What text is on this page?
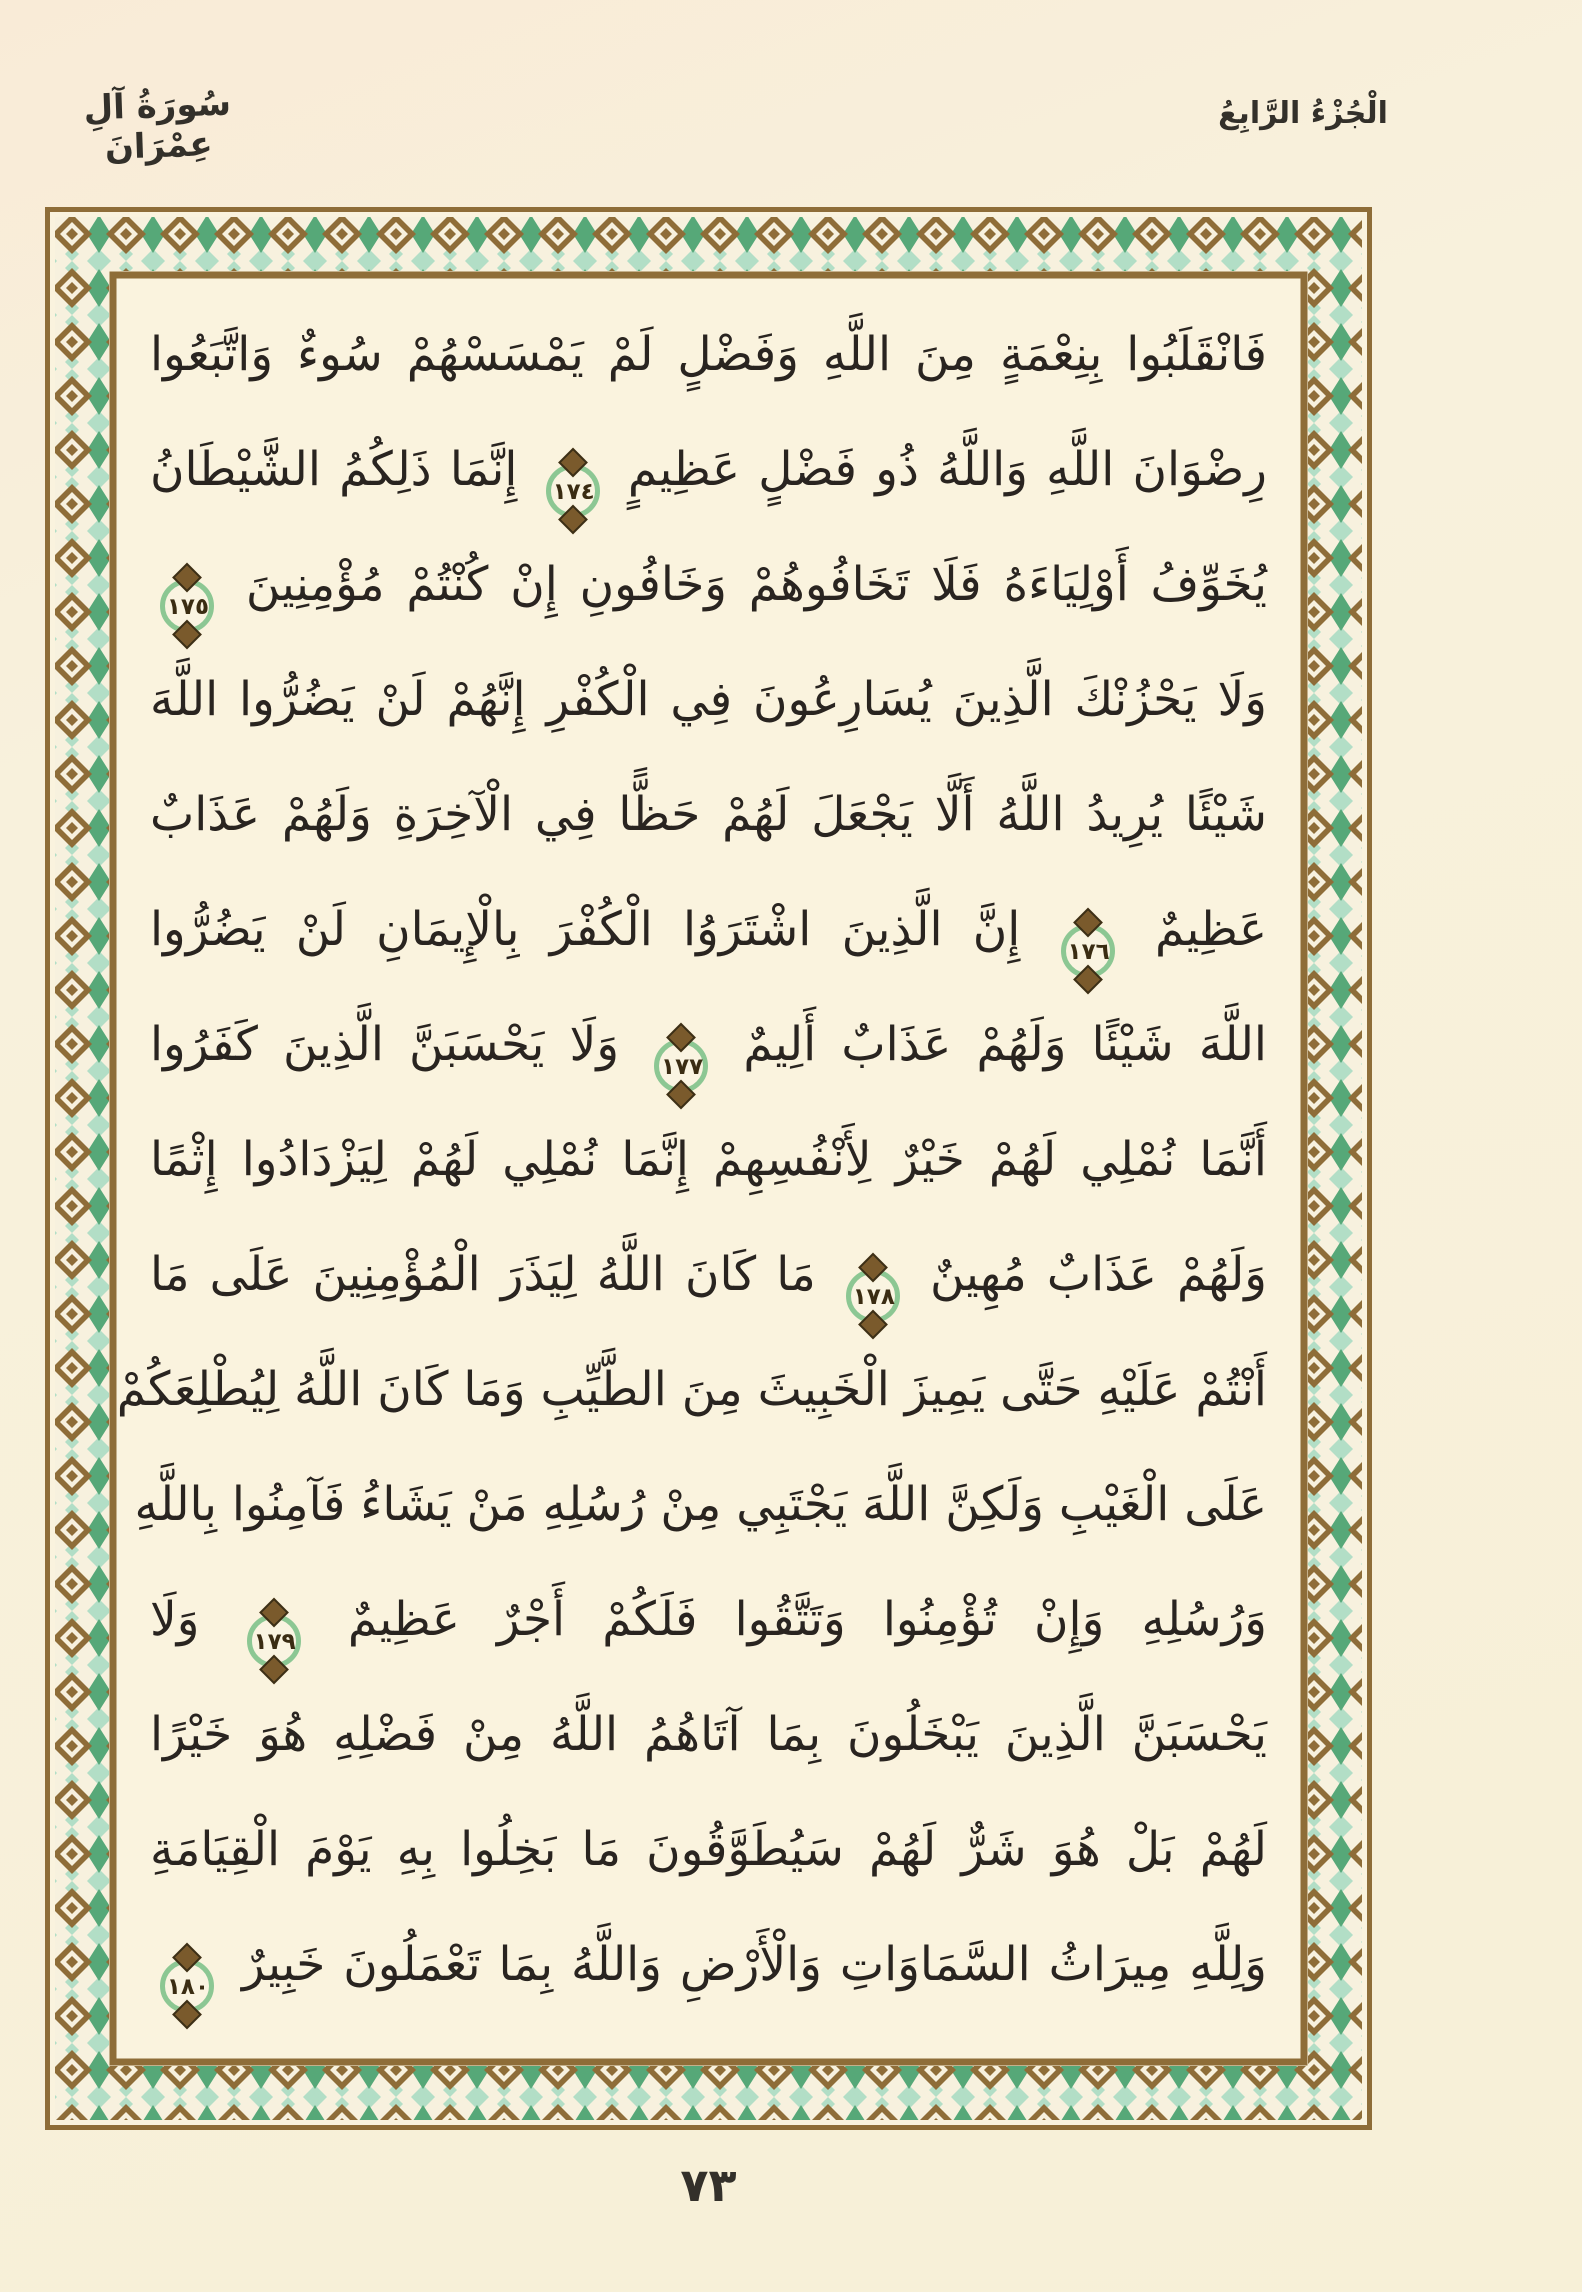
سُورَةُ آلِ عِمْرَانَ
الْجُزْءُ الرَّابِعُ
فَانْقَلَبُوا بِنِعْمَةٍ مِنَ اللَّهِ وَفَضْلٍ لَمْ يَمْسَسْهُمْ سُوءٌ وَاتَّبَعُوا
رِضْوَانَ اللَّهِ وَاللَّهُ ذُو فَضْلٍ عَظِيمٍ ١٧٤ إِنَّمَا ذَلِكُمُ الشَّيْطَانُ
يُخَوِّفُ أَوْلِيَاءَهُ فَلَا تَخَافُوهُمْ وَخَافُونِ إِنْ كُنْتُمْ مُؤْمِنِينَ ١٧٥
وَلَا يَحْزُنْكَ الَّذِينَ يُسَارِعُونَ فِي الْكُفْرِ إِنَّهُمْ لَنْ يَضُرُّوا اللَّهَ
شَيْئًا يُرِيدُ اللَّهُ أَلَّا يَجْعَلَ لَهُمْ حَظًّا فِي الْآخِرَةِ وَلَهُمْ عَذَابٌ
عَظِيمٌ ١٧٦ إِنَّ الَّذِينَ اشْتَرَوُا الْكُفْرَ بِالْإِيمَانِ لَنْ يَضُرُّوا
اللَّهَ شَيْئًا وَلَهُمْ عَذَابٌ أَلِيمٌ ١٧٧ وَلَا يَحْسَبَنَّ الَّذِينَ كَفَرُوا
أَنَّمَا نُمْلِي لَهُمْ خَيْرٌ لِأَنْفُسِهِمْ إِنَّمَا نُمْلِي لَهُمْ لِيَزْدَادُوا إِثْمًا
وَلَهُمْ عَذَابٌ مُهِينٌ ١٧٨ مَا كَانَ اللَّهُ لِيَذَرَ الْمُؤْمِنِينَ عَلَى مَا
أَنْتُمْ عَلَيْهِ حَتَّى يَمِيزَ الْخَبِيثَ مِنَ الطَّيِّبِ وَمَا كَانَ اللَّهُ لِيُطْلِعَكُمْ
عَلَى الْغَيْبِ وَلَكِنَّ اللَّهَ يَجْتَبِي مِنْ رُسُلِهِ مَنْ يَشَاءُ فَآمِنُوا بِاللَّهِ
وَرُسُلِهِ وَإِنْ تُؤْمِنُوا وَتَتَّقُوا فَلَكُمْ أَجْرٌ عَظِيمٌ ١٧٩ وَلَا
يَحْسَبَنَّ الَّذِينَ يَبْخَلُونَ بِمَا آتَاهُمُ اللَّهُ مِنْ فَضْلِهِ هُوَ خَيْرًا
لَهُمْ بَلْ هُوَ شَرٌّ لَهُمْ سَيُطَوَّقُونَ مَا بَخِلُوا بِهِ يَوْمَ الْقِيَامَةِ
وَلِلَّهِ مِيرَاثُ السَّمَاوَاتِ وَالْأَرْضِ وَاللَّهُ بِمَا تَعْمَلُونَ خَبِيرٌ ١٨٠
٧٣
